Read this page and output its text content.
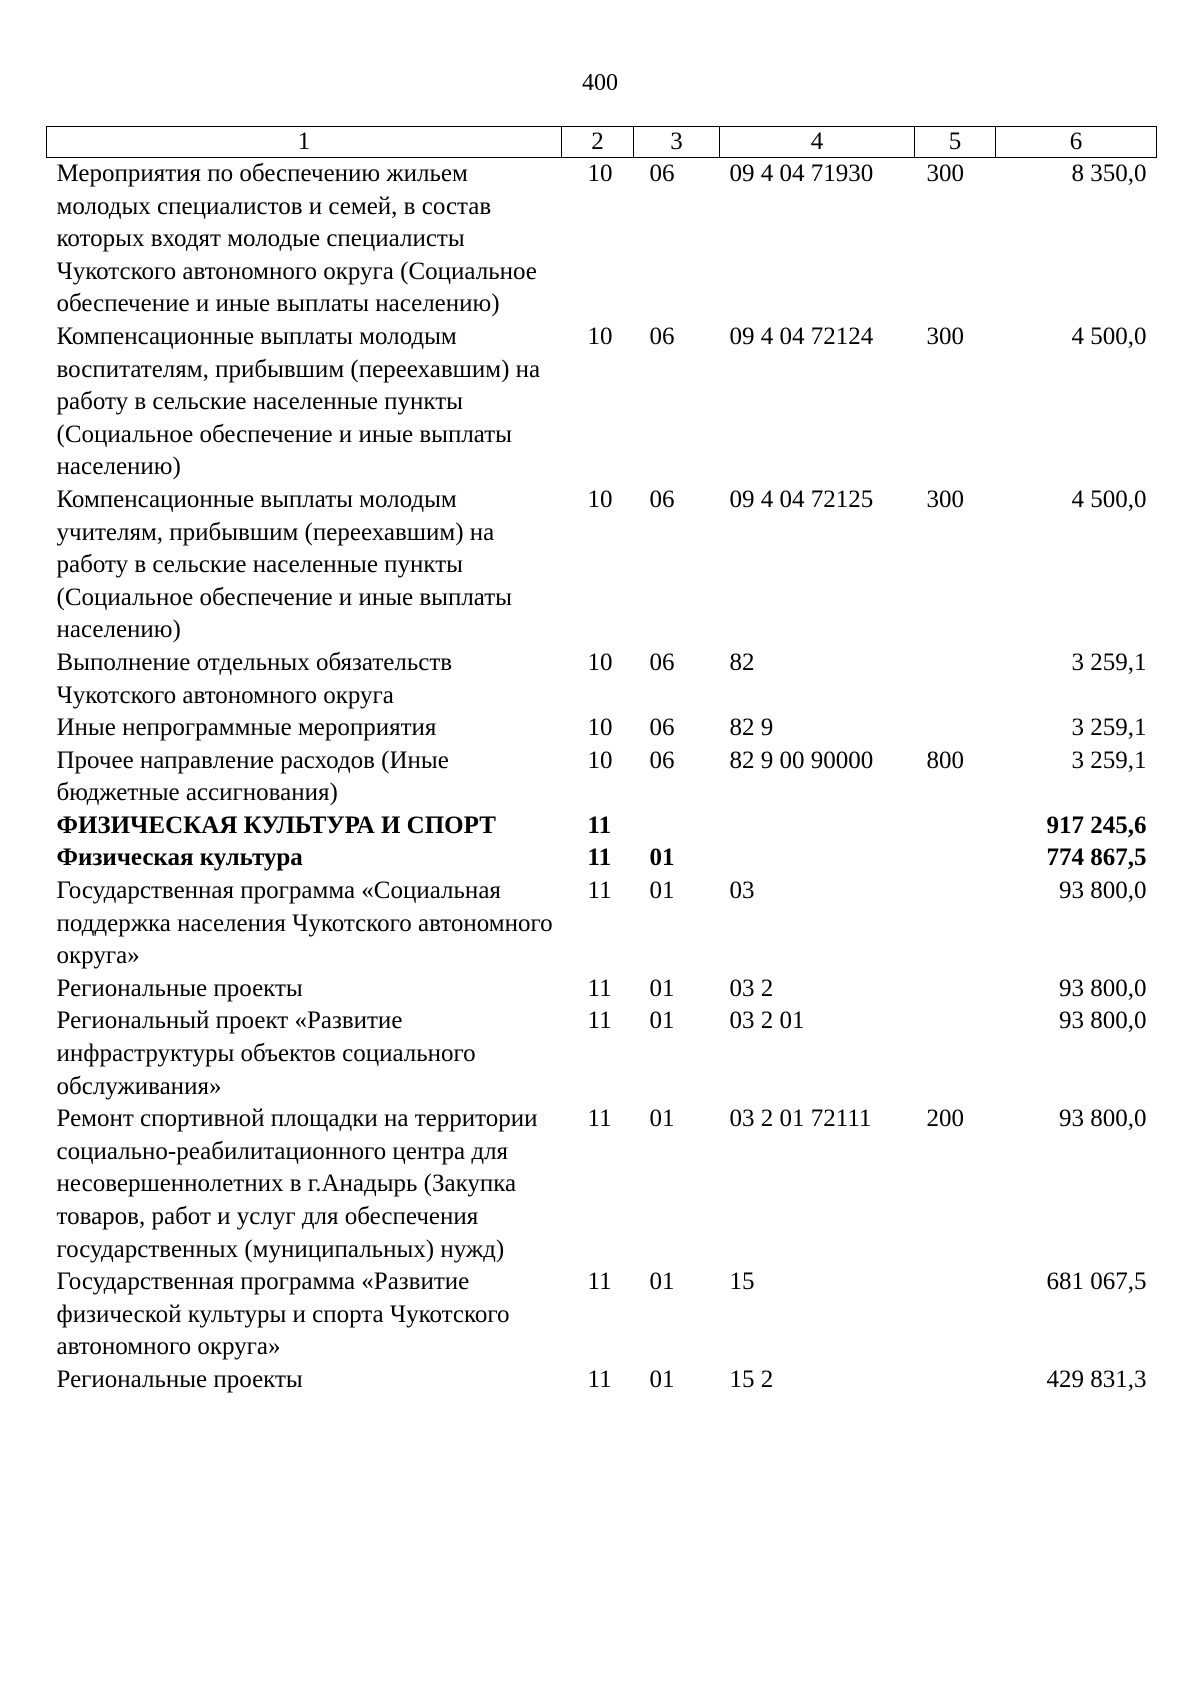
400
1	2	3	4	5	6
Мероприятия по обеспечению жильем молодых специалистов и семей, в состав которых входят молодые специалисты Чукотского автономного округа (Социальное обеспечение и иные выплаты населению)	10	06	09 4 04 71930	300	8 350,0
Компенсационные выплаты молодым воспитателям, прибывшим (переехавшим) на работу в сельские населенные пункты (Социальное обеспечение и иные выплаты населению)	10	06	09 4 04 72124	300	4 500,0
Компенсационные выплаты молодым учителям, прибывшим (переехавшим) на работу в сельские населенные пункты (Социальное обеспечение и иные выплаты населению)	10	06	09 4 04 72125	300	4 500,0
Выполнение отдельных обязательств Чукотского автономного округа	10	06	82		3 259,1
Иные непрограммные мероприятия	10	06	82 9		3 259,1
Прочее направление расходов (Иные бюджетные ассигнования)	10	06	82 9 00 90000	800	3 259,1
ФИЗИЧЕСКАЯ КУЛЬТУРА И СПОРТ	11				917 245,6
Физическая культура	11	01			774 867,5
Государственная программа «Социальная поддержка населения Чукотского автономного округа»	11	01	03		93 800,0
Региональные проекты	11	01	03 2		93 800,0
Региональный проект «Развитие инфраструктуры объектов социального обслуживания»	11	01	03 2 01		93 800,0
Ремонт спортивной площадки на территории социально-реабилитационного центра для несовершеннолетних в г.Анадырь (Закупка товаров, работ и услуг для обеспечения государственных (муниципальных) нужд)	11	01	03 2 01 72111	200	93 800,0
Государственная программа «Развитие физической культуры и спорта Чукотского автономного округа»	11	01	15		681 067,5
Региональные проекты	11	01	15 2		429 831,3
